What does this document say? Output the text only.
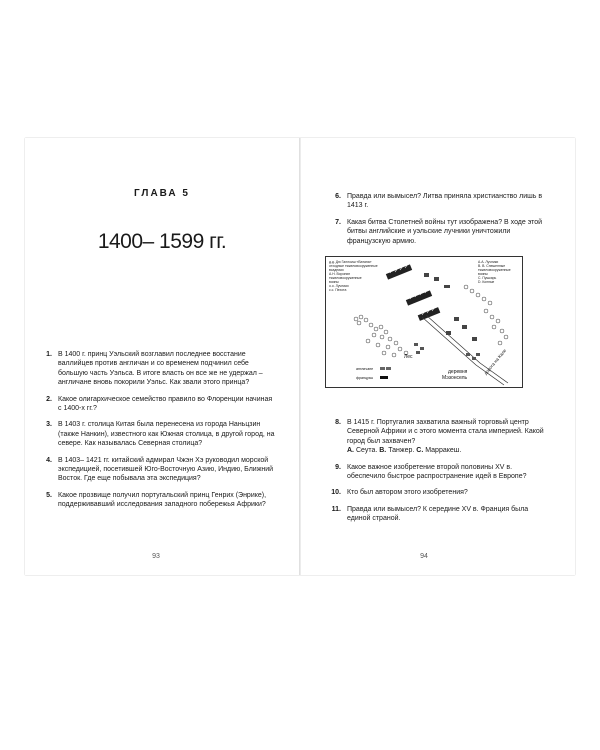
ГЛАВА 5
1400– 1599 гг.
1. В 1400 г. принц Уэльский возглавил последнее восстание валлийцев против англичан и со временем подчинил себе большую часть Уэльса. В итоге власть он все же не удержал – англичане вновь покорили Уэльс. Как звали этого принца?
2. Какое олигархическое семейство правило во Флоренции начиная с 1400-х гг.?
3. В 1403 г. столица Китая была перенесена из города Наньцзин (также Нанкин), известного как Южная столица, в другой город, на севере. Как называлась Северная столица?
4. В 1403– 1421 гг. китайский адмирал Чжэн Хэ руководил морской экспедицией, посетившей Юго-Восточную Азию, Индию, Ближний Восток. Где еще побывала эта экспедиция?
5. Какое прозвище получил португальский принц Генрих (Энрике), поддерживавший исследования западного побережья Африки?
93
6. Правда или вымысел? Литва приняла христианство лишь в 1413 г.
7. Какая битва Столетней войны тут изображена? В ходе этой битвы английские и уэльские лучники уничтожили французскую армию.
д.д. Дю Галлоиш «Ватана»
отходные тяжеловооруженные
всадники
А.Н. Воронин
тяжеловооруженные
воины
о.о. Лучники
с.с. Пехота
А.А. Лучники
В. В. Спешенные
тяжеловооруженные
воины
С. Пушкарь
D. Конные
Лес
деревня
Мэзонсель
дорога на Кале
англичане
французы
8. В 1415 г. Португалия захватила важный торговый центр Северной Африки и с этого момента стала империей. Какой город был захвачен?
А. Сеута. В. Танжер. С. Марракеш.
9. Какое важное изобретение второй половины XV в. обеспечило быстрое распространение идей в Европе?
10. Кто был автором этого изобретения?
11. Правда или вымысел? К середине XV в. Франция была единой страной.
94
